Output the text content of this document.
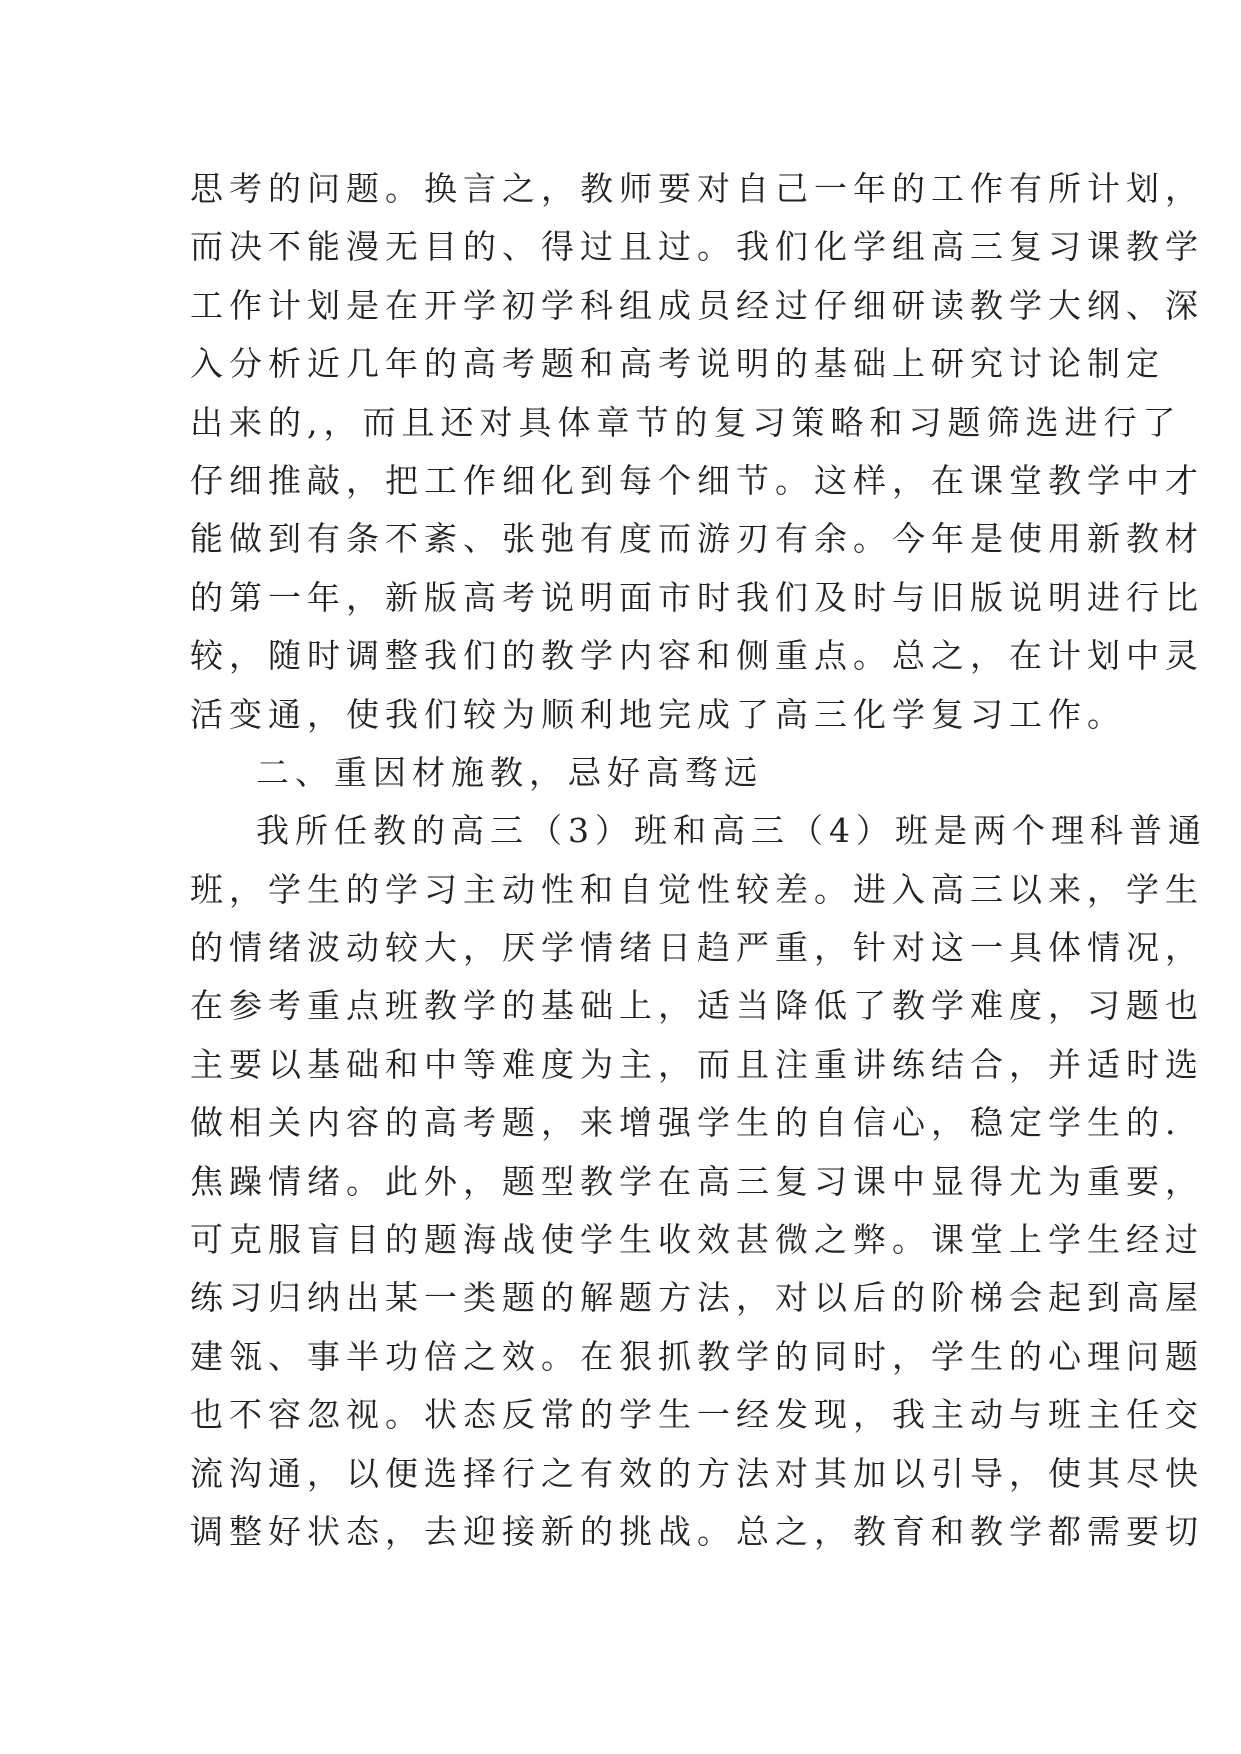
思考的问题。换言之，教师要对自己一年的工作有所计划，
而决不能漫无目的、得过且过。我们化学组高三复习课教学
工作计划是在开学初学科组成员经过仔细研读教学大纲、深
入分析近几年的高考题和高考说明的基础上研究讨论制定
出来的,，而且还对具体章节的复习策略和习题筛选进行了
仔细推敲，把工作细化到每个细节。这样，在课堂教学中才
能做到有条不紊、张弛有度而游刃有余。今年是使用新教材
的第一年，新版高考说明面市时我们及时与旧版说明进行比
较，随时调整我们的教学内容和侧重点。总之，在计划中灵
活变通，使我们较为顺利地完成了高三化学复习工作。
二、重因材施教，忌好高骛远
我所任教的高三（3）班和高三（4）班是两个理科普通
班，学生的学习主动性和自觉性较差。进入高三以来，学生
的情绪波动较大，厌学情绪日趋严重，针对这一具体情况，
在参考重点班教学的基础上，适当降低了教学难度，习题也
主要以基础和中等难度为主，而且注重讲练结合，并适时选
做相关内容的高考题，来增强学生的自信心，稳定学生的.
焦躁情绪。此外，题型教学在高三复习课中显得尤为重要，
可克服盲目的题海战使学生收效甚微之弊。课堂上学生经过
练习归纳出某一类题的解题方法，对以后的阶梯会起到高屋
建瓴、事半功倍之效。在狠抓教学的同时，学生的心理问题
也不容忽视。状态反常的学生一经发现，我主动与班主任交
流沟通，以便选择行之有效的方法对其加以引导，使其尽快
调整好状态，去迎接新的挑战。总之，教育和教学都需要切
